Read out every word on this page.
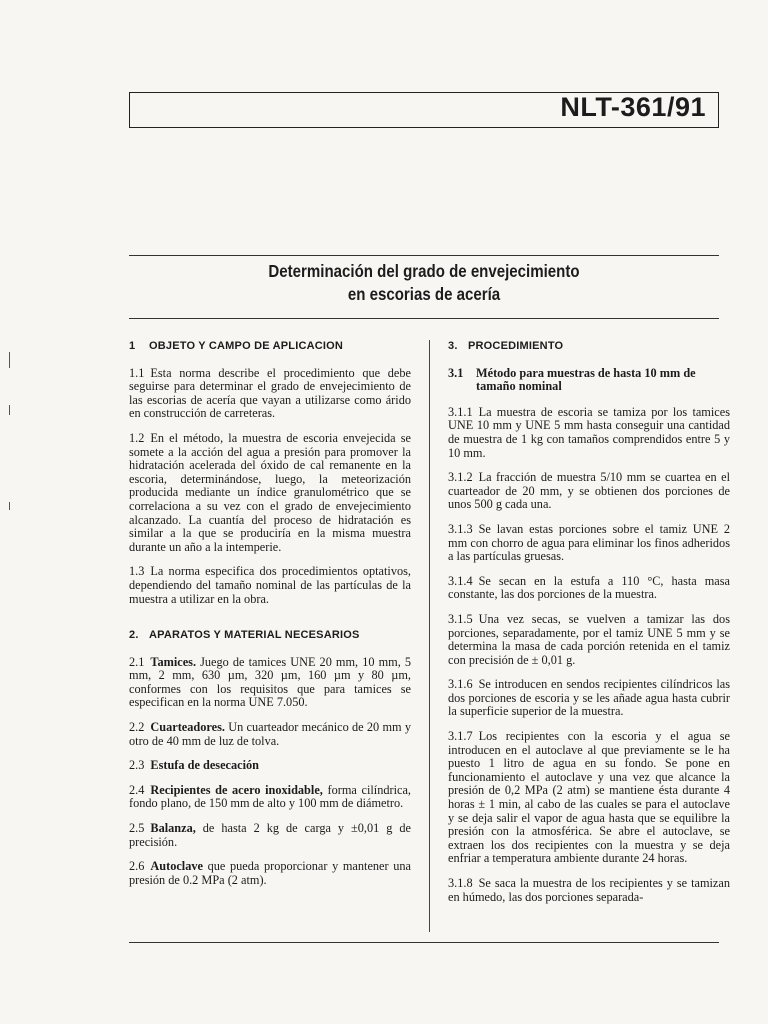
NLT-361/91
Determinación del grado de envejecimiento
en escorias de acería
1 OBJETO Y CAMPO DE APLICACION

1.1 Esta norma describe el procedimiento que debe seguirse para determinar el grado de envejecimiento de las escorias de acería que vayan a utilizarse como árido en construcción de carreteras.

1.2 En el método, la muestra de escoria envejecida se somete a la acción del agua a presión para promover la hidratación acelerada del óxido de cal remanente en la escoria, determinándose, luego, la meteorización producida mediante un índice granulométrico que se correlaciona a su vez con el grado de envejecimiento alcanzado. La cuantía del proceso de hidratación es similar a la que se produciría en la misma muestra durante un año a la intemperie.

1.3 La norma especifica dos procedimientos optativos, dependiendo del tamaño nominal de las partículas de la muestra a utilizar en la obra.

2. APARATOS Y MATERIAL NECESARIOS

2.1 Tamices. Juego de tamices UNE 20 mm, 10 mm, 5 mm, 2 mm, 630 µm, 320 µm, 160 µm y 80 µm, conformes con los requisitos que para tamices se especifican en la norma UNE 7.050.

2.2 Cuarteadores. Un cuarteador mecánico de 20 mm y otro de 40 mm de luz de tolva.

2.3 Estufa de desecación

2.4 Recipientes de acero inoxidable, forma cilíndrica, fondo plano, de 150 mm de alto y 100 mm de diámetro.

2.5 Balanza, de hasta 2 kg de carga y ±0,01 g de precisión.

2.6 Autoclave que pueda proporcionar y mantener una presión de 0.2 MPa (2 atm).

3. PROCEDIMIENTO
3.1	Método para muestras de hasta 10 mm de tamaño nominal

3.1.1 La muestra de escoria se tamiza por los tamices UNE 10 mm y UNE 5 mm hasta conseguir una cantidad de muestra de 1 kg con tamaños comprendidos entre 5 y 10 mm.

3.1.2 La fracción de muestra 5/10 mm se cuartea en el cuarteador de 20 mm, y se obtienen dos porciones de unos 500 g cada una.

3.1.3 Se lavan estas porciones sobre el tamiz UNE 2 mm con chorro de agua para eliminar los finos adheridos a las partículas gruesas.

3.1.4 Se secan en la estufa a 110 °C, hasta masa constante, las dos porciones de la muestra.

3.1.5 Una vez secas, se vuelven a tamizar las dos porciones, separadamente, por el tamiz UNE 5 mm y se determina la masa de cada porción retenida en el tamiz con precisión de ± 0,01 g.

3.1.6 Se introducen en sendos recipientes cilíndricos las dos porciones de escoria y se les añade agua hasta cubrir la superficie superior de la muestra.

3.1.7 Los recipientes con la escoria y el agua se introducen en el autoclave al que previamente se le ha puesto 1 litro de agua en su fondo. Se pone en funcionamiento el autoclave y una vez que alcance la presión de 0,2 MPa (2 atm) se mantiene ésta durante 4 horas ± 1 min, al cabo de las cuales se para el autoclave y se deja salir el vapor de agua hasta que se equilibre la presión con la atmosférica. Se abre el autoclave, se extraen los dos recipientes con la muestra y se deja enfriar a temperatura ambiente durante 24 horas.

3.1.8 Se saca la muestra de los recipientes y se tamizan en húmedo, las dos porciones separada-
